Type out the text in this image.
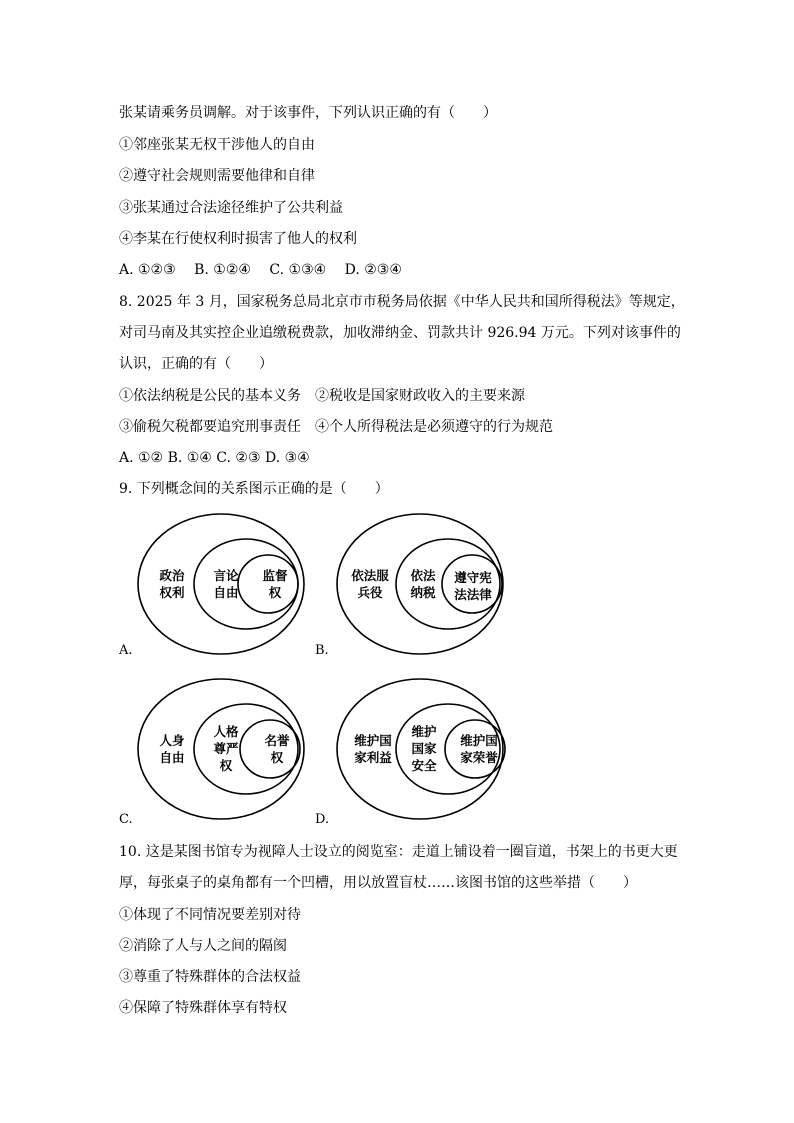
张某请乘务员调解。对于该事件，下列认识正确的有（　　）
①邻座张某无权干涉他人的自由
②遵守社会规则需要他律和自律
③张某通过合法途径维护了公共利益
④李某在行使权利时损害了他人的权利
A. ①②③　 B. ①②④　 C. ①③④　 D. ②③④
8. 2025 年 3 月，国家税务总局北京市市税务局依据《中华人民共和国所得税法》等规定，
对司马南及其实控企业追缴税费款，加收滞纳金、罚款共计 926.94 万元。下列对该事件的
认识，正确的有（　　）
①依法纳税是公民的基本义务　②税收是国家财政收入的主要来源
③偷税欠税都要追究刑事责任　④个人所得税法是必须遵守的行为规范
A. ①② B. ①④ C. ②③ D. ③④
9. 下列概念间的关系图示正确的是（　　）
政治
权利
言论
自由
监督
权
依法服
兵役
依法
纳税
遵守宪
法法律
人身
自由
人格
尊严
权
名誉
权
维护国
家利益
维护
国家
安全
维护国
家荣誉
A.	B.
C.	D.
10. 这是某图书馆专为视障人士设立的阅览室：走道上铺设着一圈盲道，书架上的书更大更
厚，每张桌子的桌角都有一个凹槽，用以放置盲杖……该图书馆的这些举措（　　）
①体现了不同情况要差别对待
②消除了人与人之间的隔阂
③尊重了特殊群体的合法权益
④保障了特殊群体享有特权
